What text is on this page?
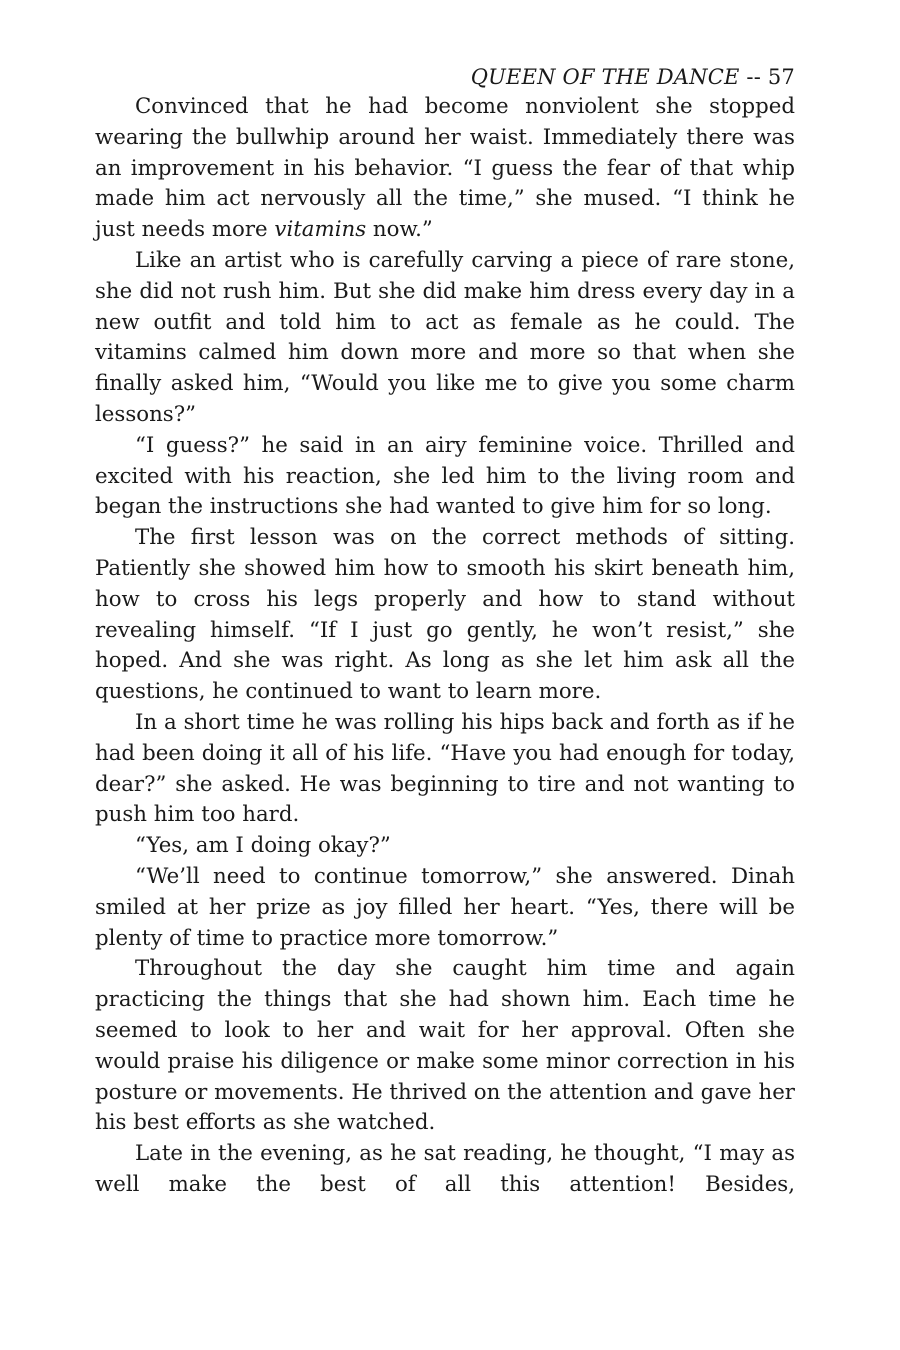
QUEEN OF THE DANCE -- 57

Convinced that he had become nonviolent she stopped wearing the bullwhip around her waist. Immediately there was an improvement in his behavior. “I guess the fear of that whip made him act nervously all the time,” she mused. “I think he just needs more vitamins now.”

Like an artist who is carefully carving a piece of rare stone, she did not rush him. But she did make him dress every day in a new outfit and told him to act as female as he could. The vitamins calmed him down more and more so that when she finally asked him, “Would you like me to give you some charm lessons?”

“I guess?” he said in an airy feminine voice. Thrilled and excited with his reaction, she led him to the living room and began the instructions she had wanted to give him for so long.

The first lesson was on the correct methods of sitting. Patiently she showed him how to smooth his skirt beneath him, how to cross his legs properly and how to stand without revealing himself. “If I just go gently, he won’t resist,” she hoped. And she was right. As long as she let him ask all the questions, he continued to want to learn more.

In a short time he was rolling his hips back and forth as if he had been doing it all of his life. “Have you had enough for today, dear?” she asked. He was beginning to tire and not wanting to push him too hard.

“Yes, am I doing okay?”

“We’ll need to continue tomorrow,” she answered. Dinah smiled at her prize as joy filled her heart. “Yes, there will be plenty of time to practice more tomorrow.”

Throughout the day she caught him time and again practicing the things that she had shown him. Each time he seemed to look to her and wait for her approval. Often she would praise his diligence or make some minor correction in his posture or movements. He thrived on the attention and gave her his best efforts as she watched.

Late in the evening, as he sat reading, he thought, “I may as well make the best of all this attention! Besides,
